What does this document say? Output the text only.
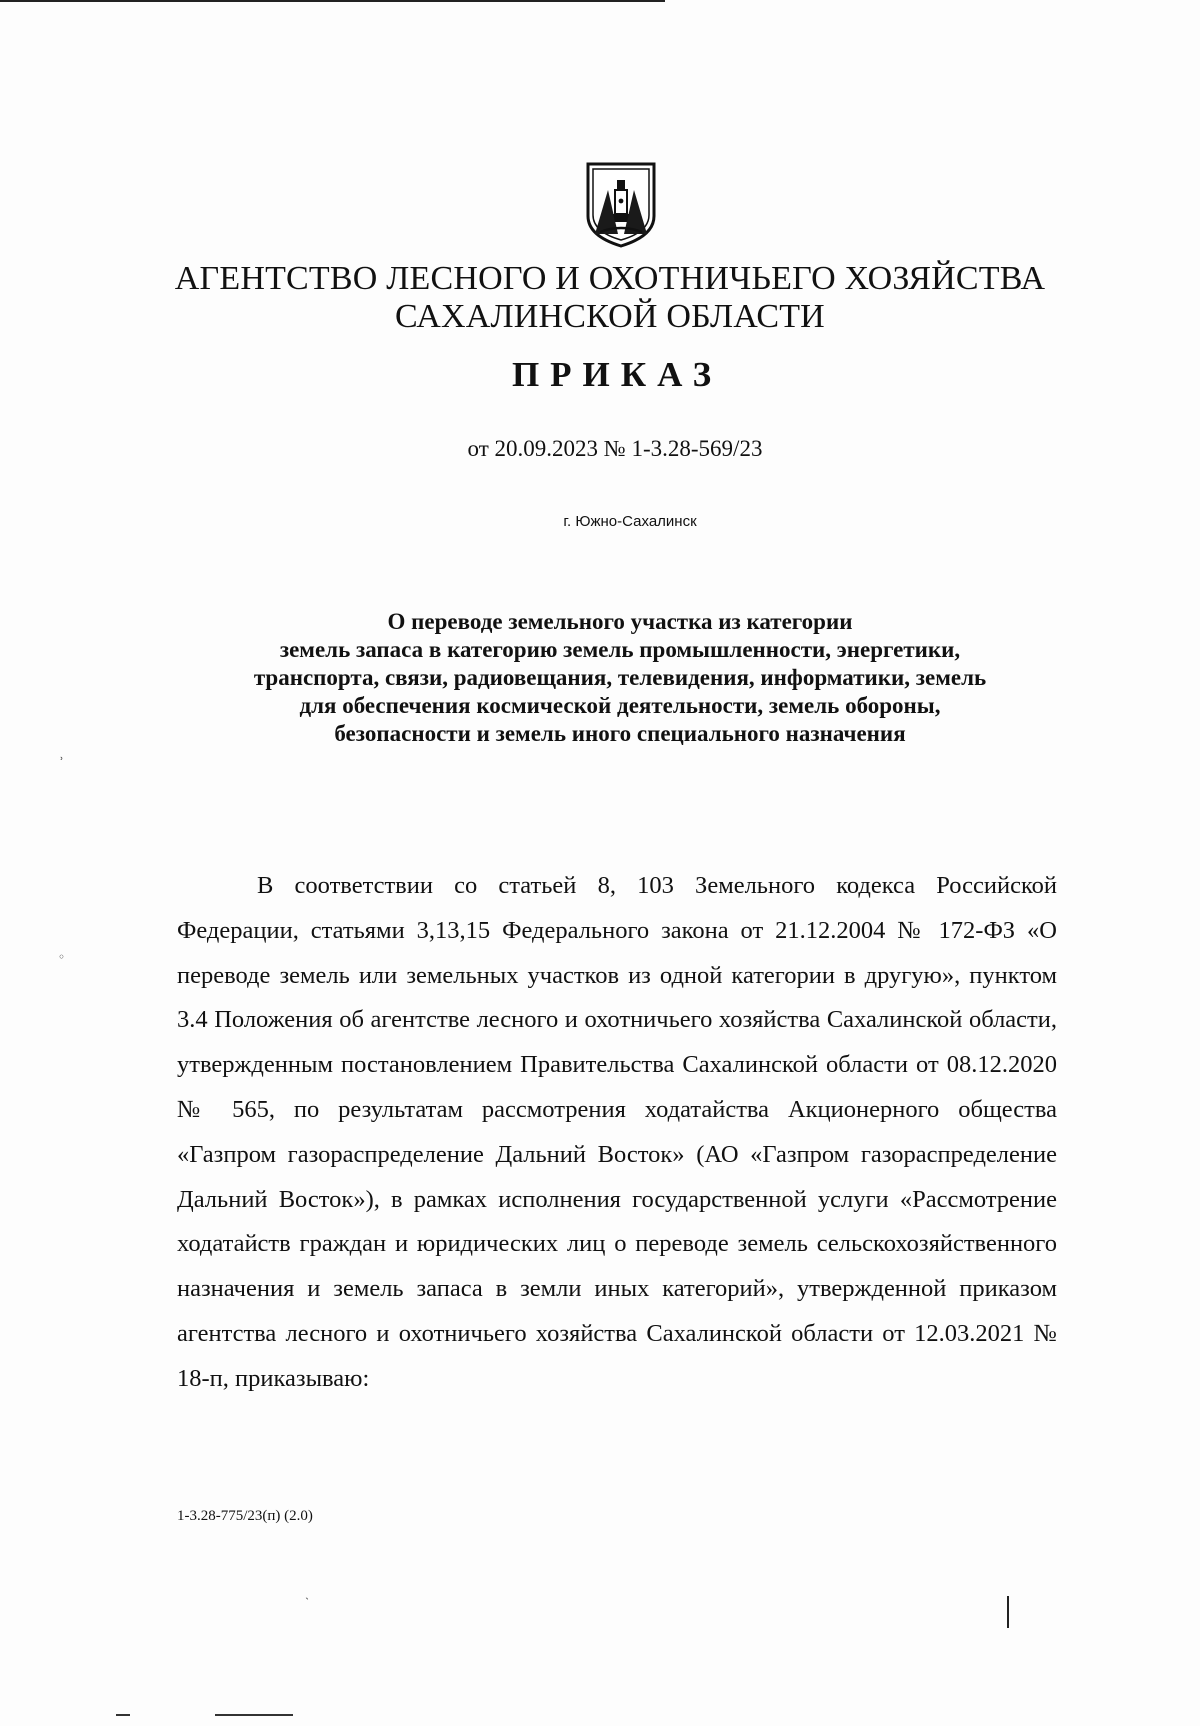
АГЕНТСТВО ЛЕСНОГО И ОХОТНИЧЬЕГО ХОЗЯЙСТВА
САХАЛИНСКОЙ ОБЛАСТИ
ПРИКАЗ
от 20.09.2023 № 1-3.28-569/23
г. Южно-Сахалинск
О переводе земельного участка из категории
земель запаса в категорию земель промышленности, энергетики,
транспорта, связи, радиовещания, телевидения, информатики, земель
для обеспечения космической деятельности, земель обороны,
безопасности и земель иного специального назначения
В соответствии со статьей 8, 103 Земельного кодекса Российской Федерации, статьями 3,13,15 Федерального закона от 21.12.2004 № 172-ФЗ «О переводе земель или земельных участков из одной категории в другую», пунктом 3.4 Положения об агентстве лесного и охотничьего хозяйства Сахалинской области, утвержденным постановлением Правительства Сахалинской области от 08.12.2020 № 565, по результатам рассмотрения ходатайства Акционерного общества «Газпром газораспределение Дальний Восток» (АО «Газпром газораспределение Дальний Восток»), в рамках исполнения государственной услуги «Рассмотрение ходатайств граждан и юридических лиц о переводе земель сельскохозяйственного назначения и земель запаса в земли иных категорий», утвержденной приказом агентства лесного и охотничьего хозяйства Сахалинской области от 12.03.2021 № 18-п, приказываю:
1-3.28-775/23(п) (2.0)
˒
◦
˴
